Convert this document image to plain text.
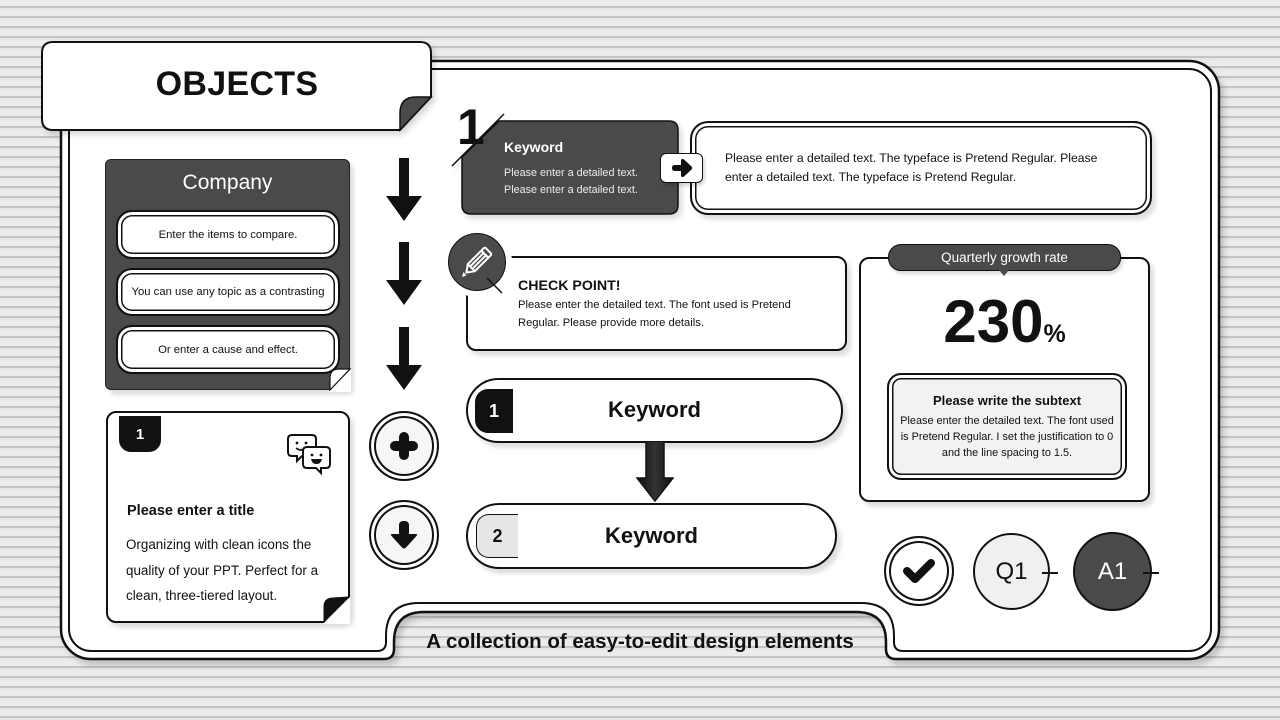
OBJECTS
Company
Enter the items to compare.
You can use any topic as a contrasting
Or enter a cause and effect.
1
Please enter a title
Organizing with clean icons the
quality of your PPT. Perfect for a
clean, three-tiered layout.
Keyword
Please enter a detailed text.
Please enter a detailed text.
1
Please enter a detailed text. The typeface is Pretend Regular. Please
enter a detailed text. The typeface is Pretend Regular.
CHECK POINT!
Please enter the detailed text. The font used is Pretend
Regular. Please provide more details.
1	Keyword
2	Keyword
230%
Please write the subtext
Please enter the detailed text. The font used
is Pretend Regular. I set the justification to 0
and the line spacing to 1.5.
Quarterly growth rate
Q1	A1
A collection of easy-to-edit design elements
